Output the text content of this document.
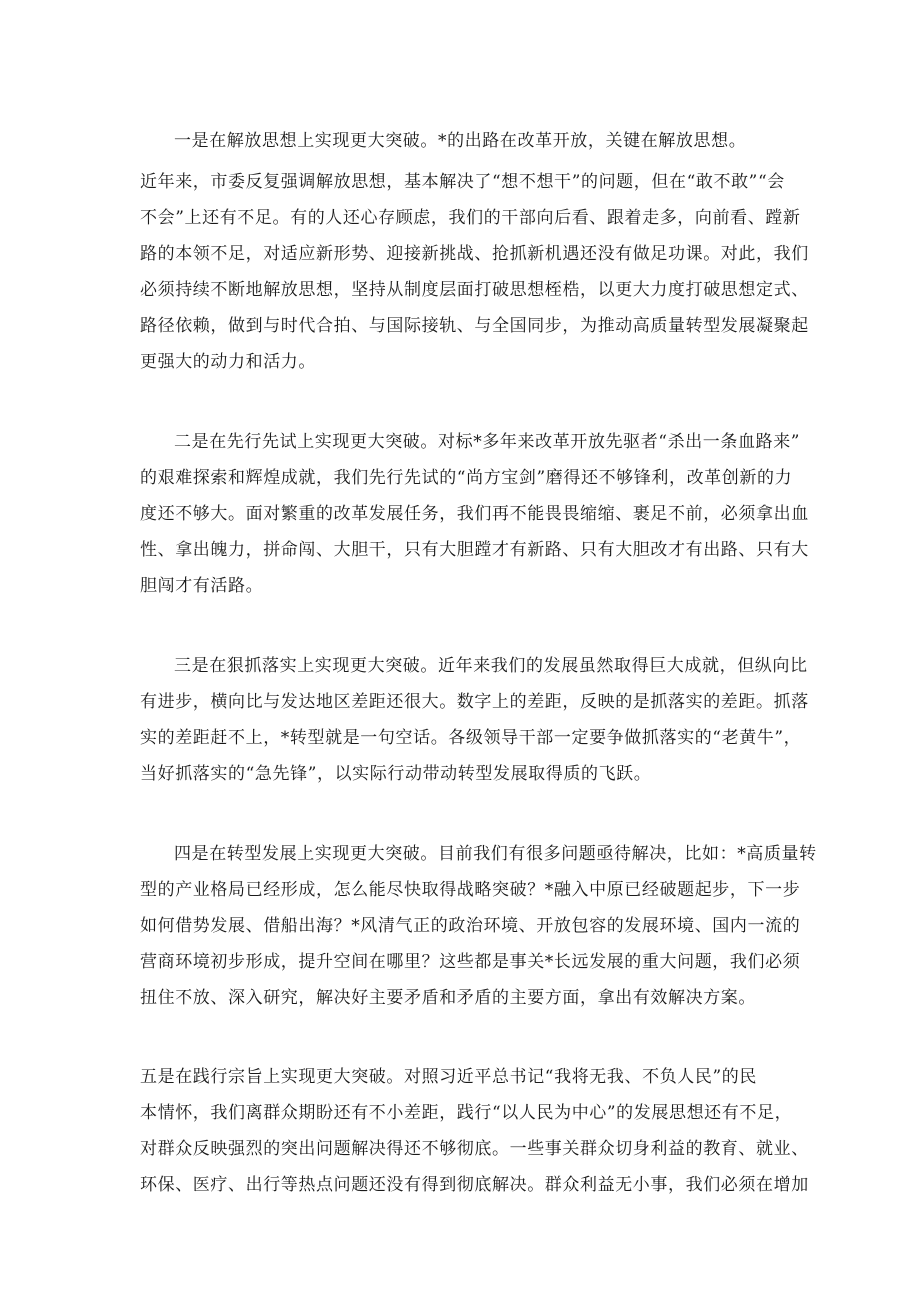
一是在解放思想上实现更大突破。*的出路在改革开放，关键在解放思想。
近年来，市委反复强调解放思想，基本解决了“想不想干”的问题，但在“敢不敢”“会
不会”上还有不足。有的人还心存顾虑，我们的干部向后看、跟着走多，向前看、蹚新
路的本领不足，对适应新形势、迎接新挑战、抢抓新机遇还没有做足功课。对此，我们
必须持续不断地解放思想，坚持从制度层面打破思想桎梏，以更大力度打破思想定式、
路径依赖，做到与时代合拍、与国际接轨、与全国同步，为推动高质量转型发展凝聚起
更强大的动力和活力。
二是在先行先试上实现更大突破。对标*多年来改革开放先驱者“杀出一条血路来”
的艰难探索和辉煌成就，我们先行先试的“尚方宝剑”磨得还不够锋利，改革创新的力
度还不够大。面对繁重的改革发展任务，我们再不能畏畏缩缩、裹足不前，必须拿出血
性、拿出魄力，拼命闯、大胆干，只有大胆蹚才有新路、只有大胆改才有出路、只有大
胆闯才有活路。
三是在狠抓落实上实现更大突破。近年来我们的发展虽然取得巨大成就，但纵向比
有进步，横向比与发达地区差距还很大。数字上的差距，反映的是抓落实的差距。抓落
实的差距赶不上，*转型就是一句空话。各级领导干部一定要争做抓落实的“老黄牛”，
当好抓落实的“急先锋”，以实际行动带动转型发展取得质的飞跃。
四是在转型发展上实现更大突破。目前我们有很多问题亟待解决，比如：*高质量转
型的产业格局已经形成，怎么能尽快取得战略突破？*融入中原已经破题起步，下一步
如何借势发展、借船出海？*风清气正的政治环境、开放包容的发展环境、国内一流的
营商环境初步形成，提升空间在哪里？这些都是事关*长远发展的重大问题，我们必须
扭住不放、深入研究，解决好主要矛盾和矛盾的主要方面，拿出有效解决方案。
五是在践行宗旨上实现更大突破。对照习近平总书记“我将无我、不负人民”的民
本情怀，我们离群众期盼还有不小差距，践行“以人民为中心”的发展思想还有不足，
对群众反映强烈的突出问题解决得还不够彻底。一些事关群众切身利益的教育、就业、
环保、医疗、出行等热点问题还没有得到彻底解决。群众利益无小事，我们必须在增加
